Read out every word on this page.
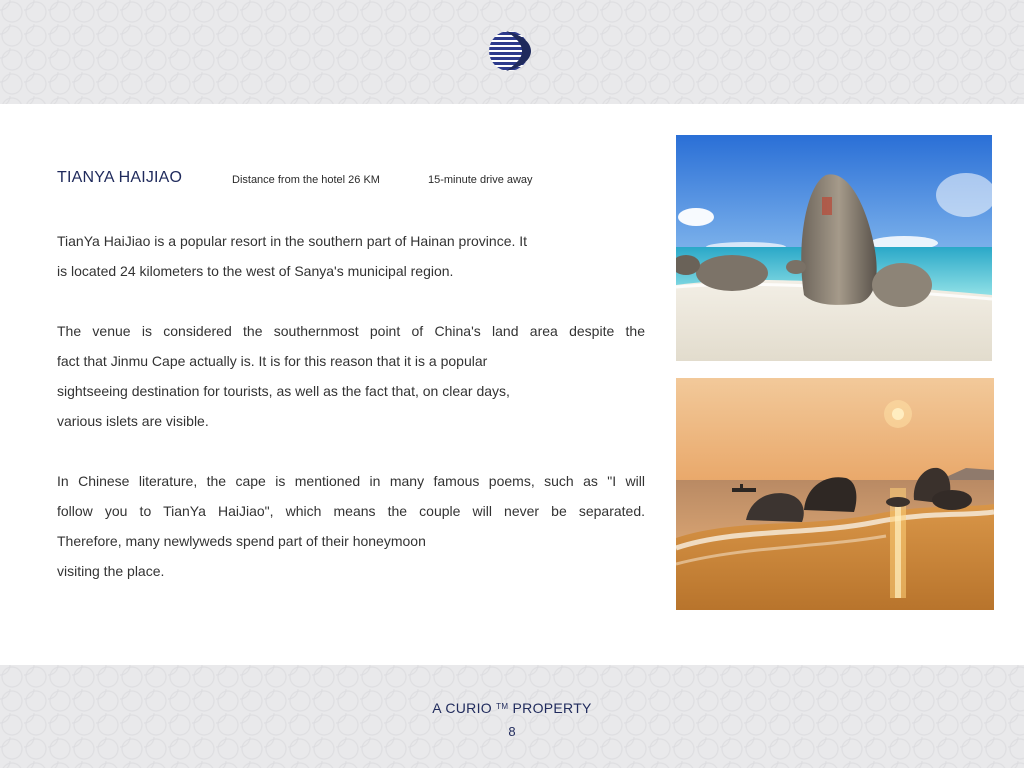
TIANYA HAIJIAO	Distance from the hotel 26 KM	15-minute drive away

TianYa HaiJiao is a popular resort in the southern part of Hainan province. It
is located 24 kilometers to the west of Sanya's municipal region.

The venue is considered the southernmost point of China's land area despite the
fact that Jinmu Cape actually is. It is for this reason that it is a popular
sightseeing destination for tourists, as well as the fact that, on clear days,
various islets are visible.

In Chinese literature, the cape is mentioned in many famous poems, such as "I will
follow you to TianYa HaiJiao", which means the couple will never be separated.
Therefore, many newlyweds spend part of their honeymoon
visiting the place.

A CURIO ™ PROPERTY
8
